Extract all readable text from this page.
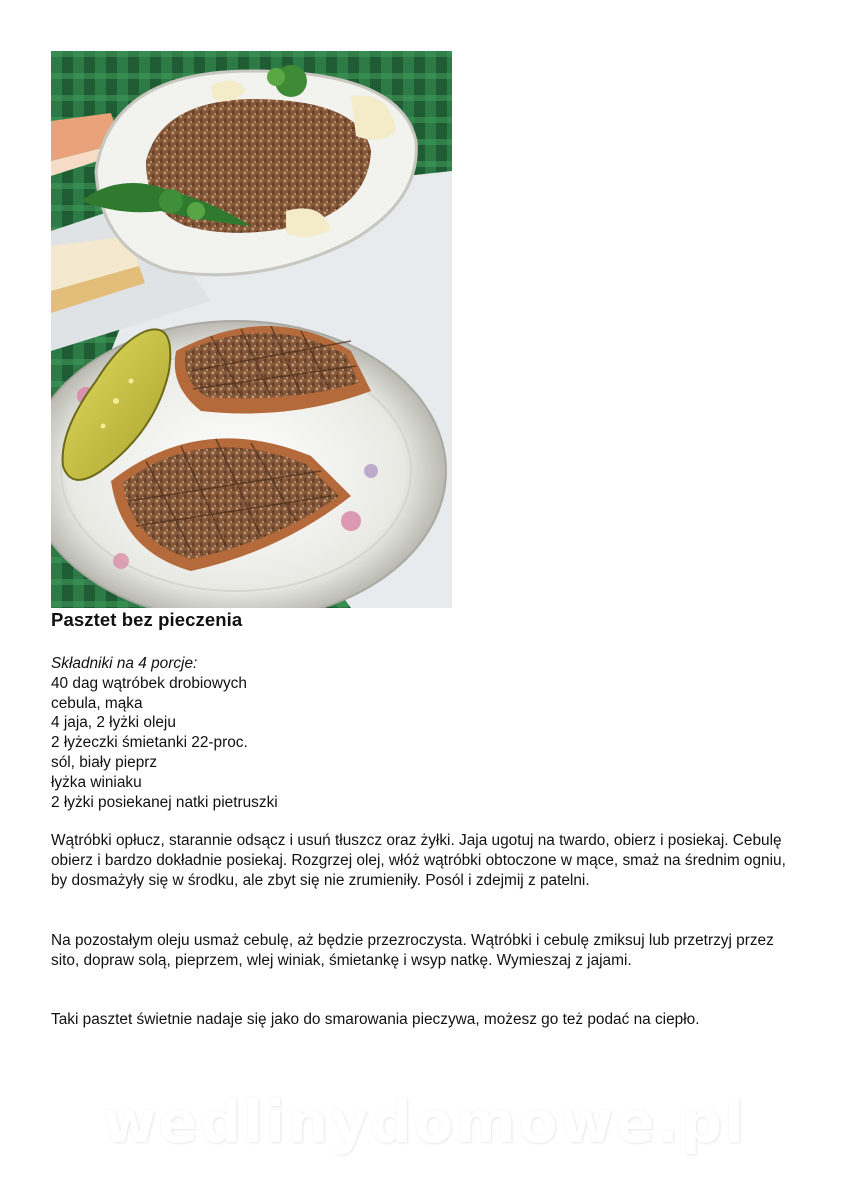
Pasztet bez pieczenia
Składniki na 4 porcje:
40 dag wątróbek drobiowych
cebula, mąka
4 jaja, 2 łyżki oleju
2 łyżeczki śmietanki 22-proc.
sól, biały pieprz
łyżka winiaku
2 łyżki posiekanej natki pietruszki
Wątróbki opłucz, starannie odsącz i usuń tłuszcz oraz żyłki. Jaja ugotuj na twardo, obierz i posiekaj. Cebulę obierz i bardzo dokładnie posiekaj. Rozgrzej olej, włóż wątróbki obtoczone w mące, smaż na średnim ogniu, by dosmażyły się w środku, ale zbyt się nie zrumieniły. Posól i zdejmij z patelni.
Na pozostałym oleju usmaż cebulę, aż będzie przezroczysta. Wątróbki i cebulę zmiksuj lub przetrzyj przez sito, dopraw solą, pieprzem, wlej winiak, śmietankę i wsyp natkę. Wymieszaj z jajami.
Taki pasztet świetnie nadaje się jako do smarowania pieczywa, możesz go też podać na ciepło.
wedlinydomowe.pl
